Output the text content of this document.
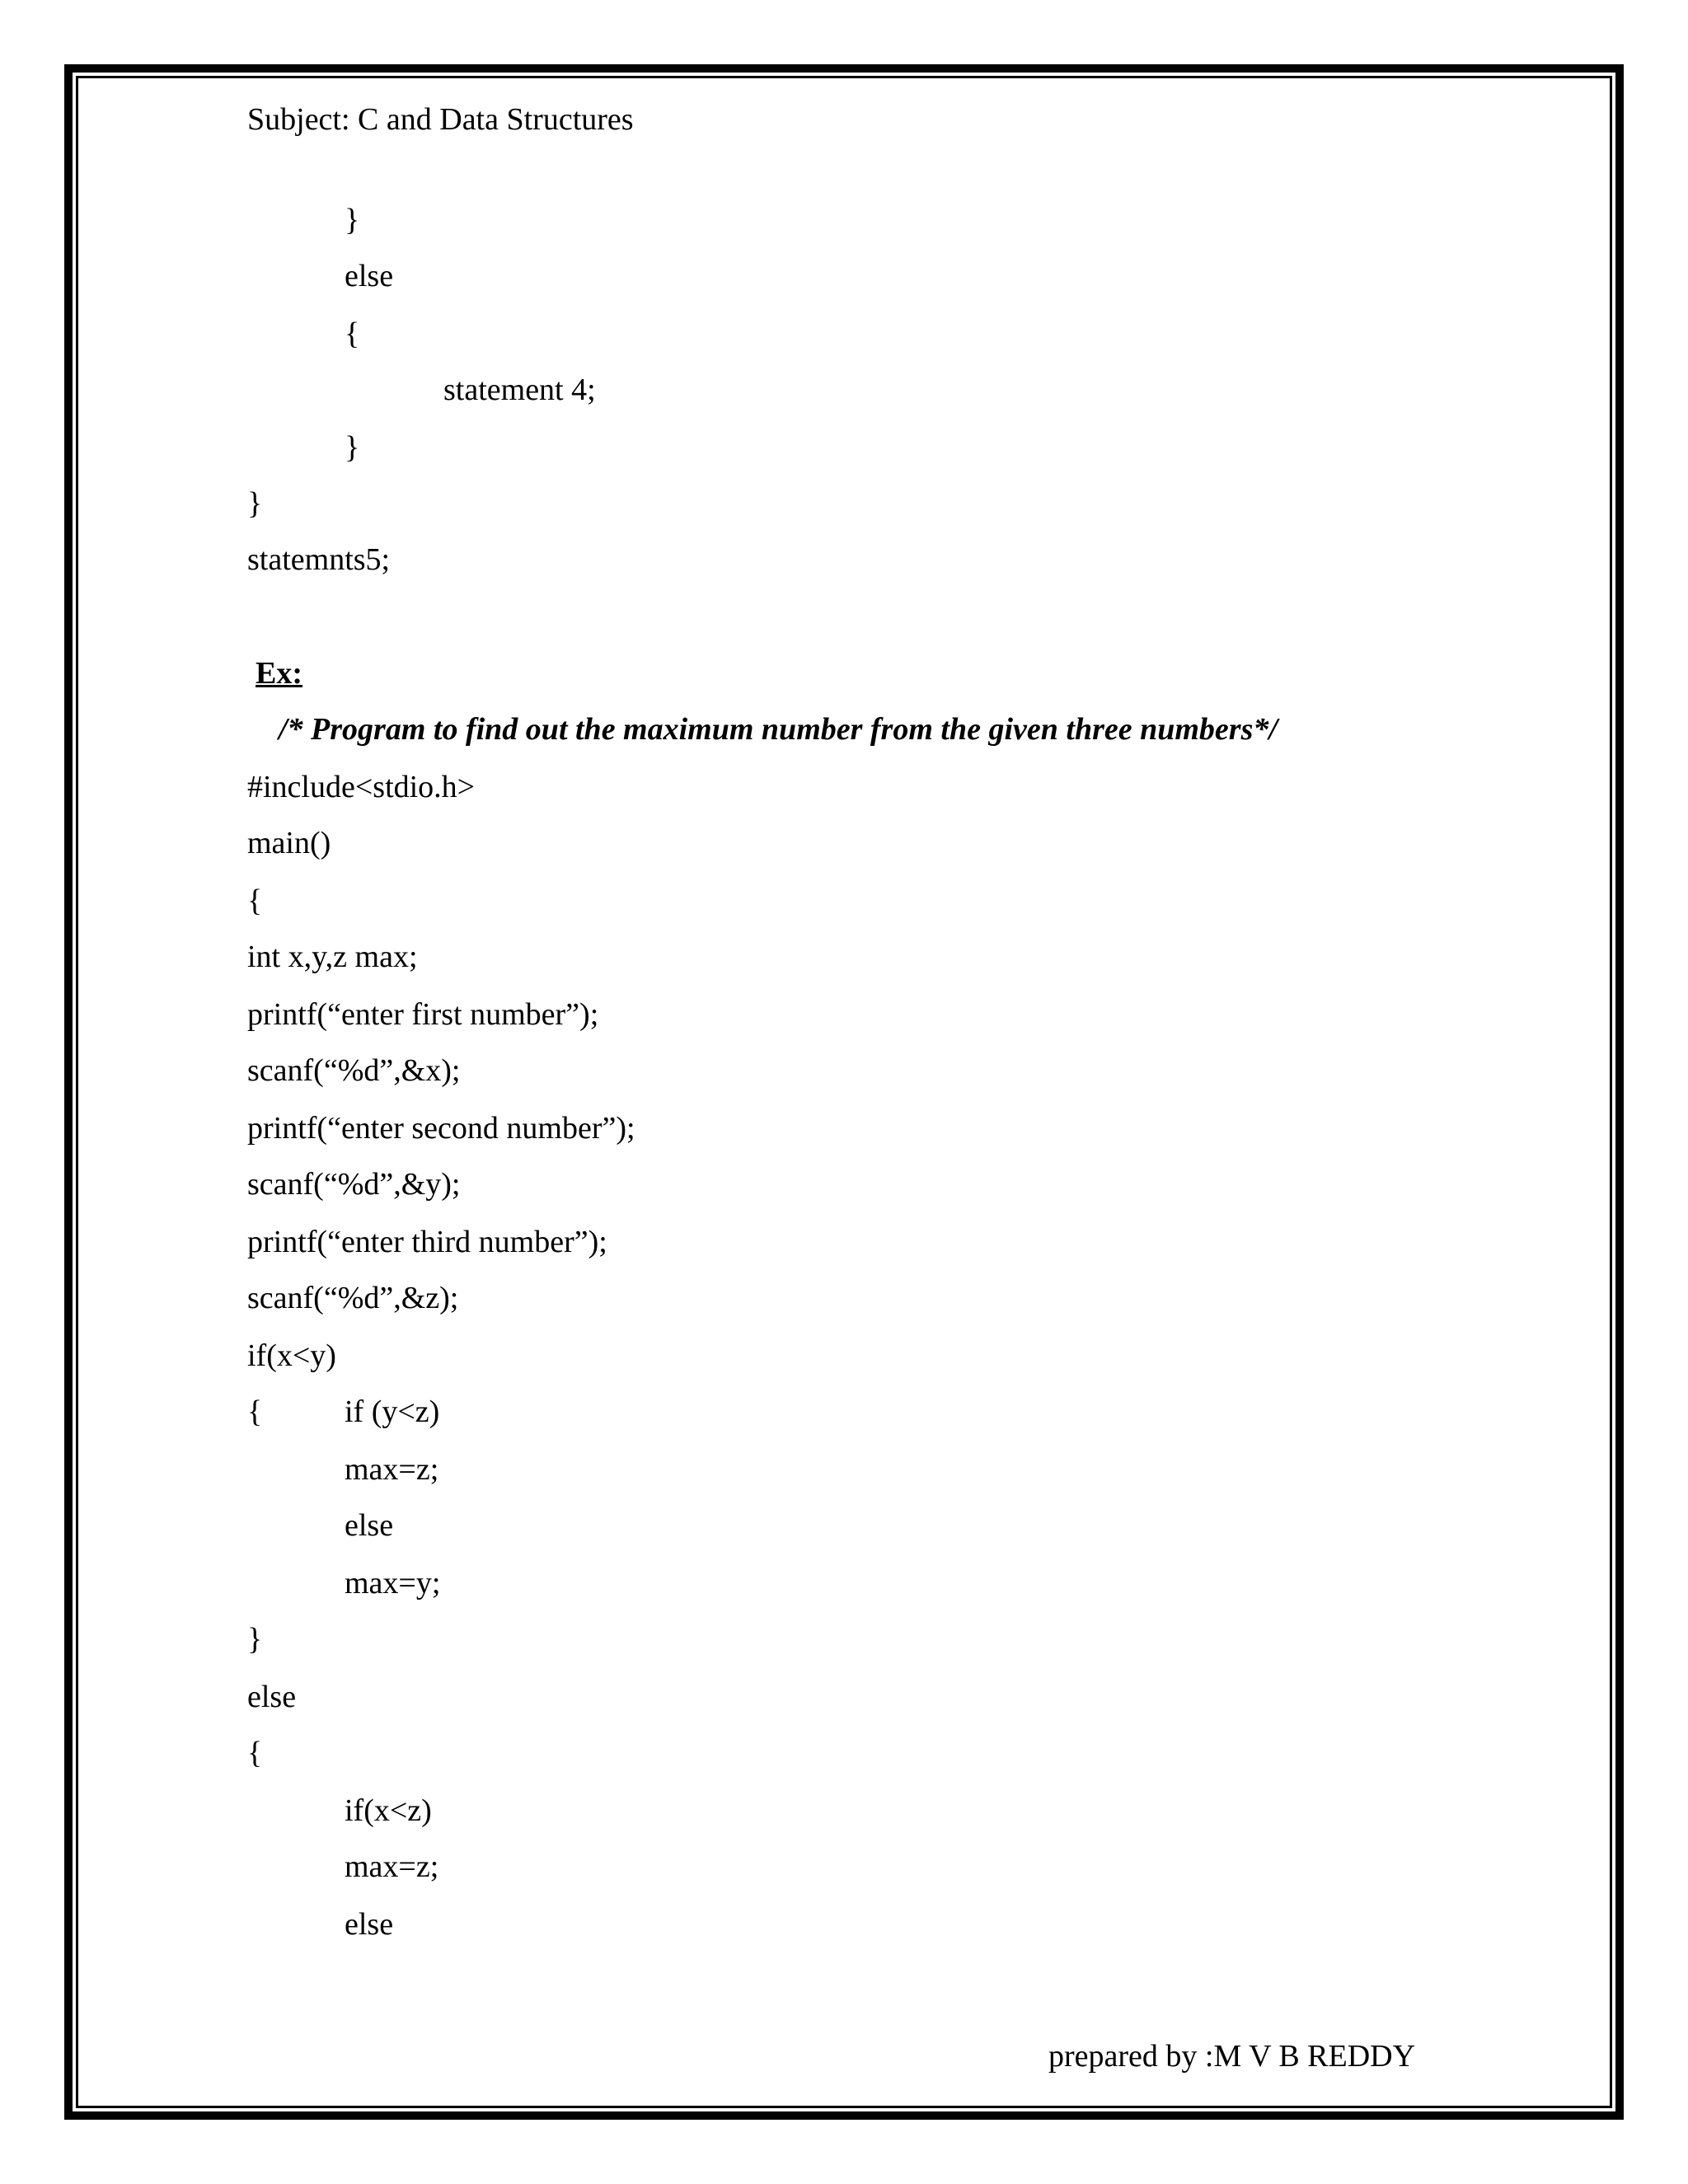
Subject: C and Data Structures
}
else
{
statement 4;
}
}
statemnts5;
Ex:
/* Program to find out the maximum number from the given three numbers*/
#include<stdio.h>
main()
{
int x,y,z max;
printf(“enter first number”);
scanf(“%d”,&x);
printf(“enter second number”);
scanf(“%d”,&y);
printf(“enter third number”);
scanf(“%d”,&z);
if(x<y)
{	if (y<z)
max=z;
else
max=y;
}
else
{
if(x<z)
max=z;
else
prepared by :M V B REDDY
